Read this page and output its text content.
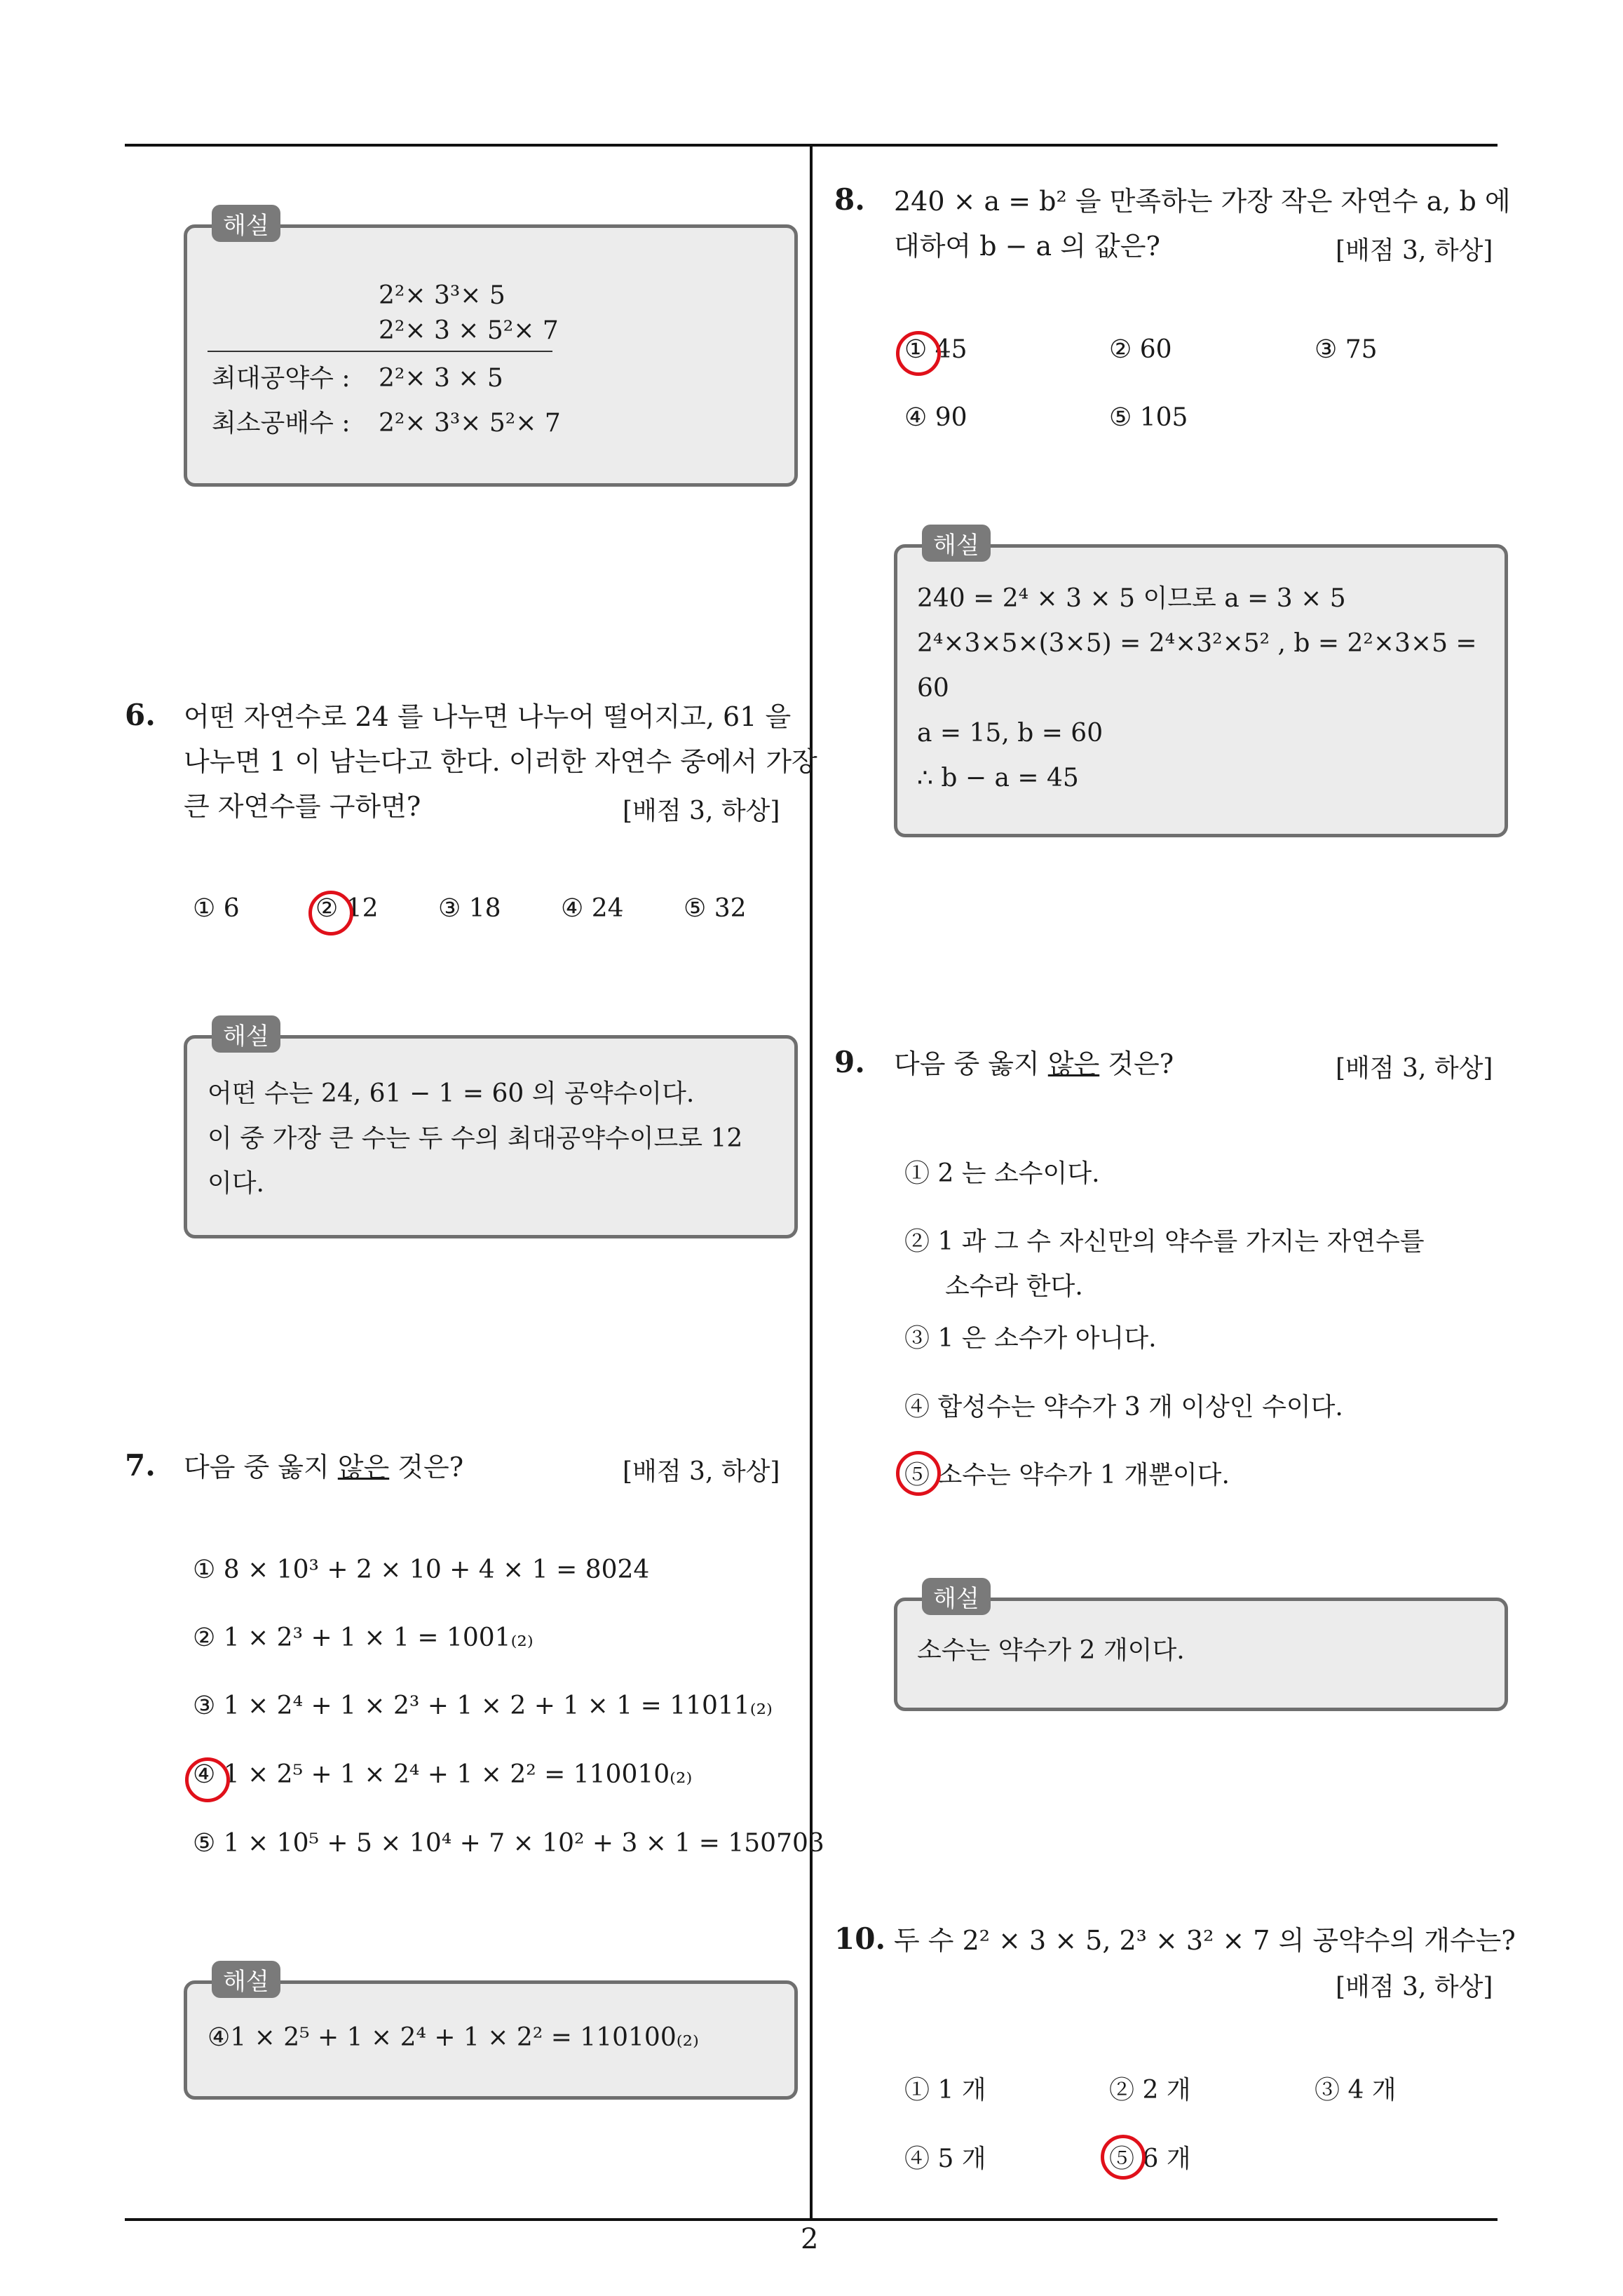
2
해설
2²× 3³× 5
2²× 3 × 5²× 7
최대공약수 : 2²× 3 × 5
최소공배수 : 2²× 3³× 5²× 7
6. 어떤 자연수로 24 를 나누면 나누어 떨어지고, 61 을
나누면 1 이 남는다고 한다. 이러한 자연수 중에서 가장
큰 자연수를 구하면?	[배점 3, 하상]
① 6	② 12 ③ 18 ④ 24 ⑤ 32
해설
어떤 수는 24, 61 − 1 = 60 의 공약수이다.
이 중 가장 큰 수는 두 수의 최대공약수이므로 12
이다.
7. 다음 중 옳지 않은 것은?	[배점 3, 하상]
① 8 × 10³ + 2 × 10 + 4 × 1 = 8024
② 1 × 2³ + 1 × 1 = 1001₍₂₎
③ 1 × 2⁴ + 1 × 2³ + 1 × 2 + 1 × 1 = 11011₍₂₎
④ 1 × 2⁵ + 1 × 2⁴ + 1 × 2² = 110010₍₂₎
⑤ 1 × 10⁵ + 5 × 10⁴ + 7 × 10² + 3 × 1 = 150703
해설
④1 × 2⁵ + 1 × 2⁴ + 1 × 2² = 110100₍₂₎
8. 240 × a = b² 을 만족하는 가장 작은 자연수 a, b 에
대하여 b − a 의 값은?	[배점 3, 하상]
① 45	② 60	③ 75
④ 90	⑤ 105
해설
240 = 2⁴ × 3 × 5 이므로 a = 3 × 5
2⁴×3×5×(3×5) = 2⁴×3²×5² , b = 2²×3×5 =
60
a = 15, b = 60
∴ b − a = 45
9. 다음 중 옳지 않은 것은?	[배점 3, 하상]
① 2 는 소수이다.
② 1 과 그 수 자신만의 약수를 가지는 자연수를
소수라 한다.
③ 1 은 소수가 아니다.
④ 합성수는 약수가 3 개 이상인 수이다.
⑤ 소수는 약수가 1 개뿐이다.
해설
소수는 약수가 2 개이다.
10. 두 수 2² × 3 × 5, 2³ × 3² × 7 의 공약수의 개수는?
[배점 3, 하상]
① 1 개	② 2 개	③ 4 개
④ 5 개	⑤ 6 개
